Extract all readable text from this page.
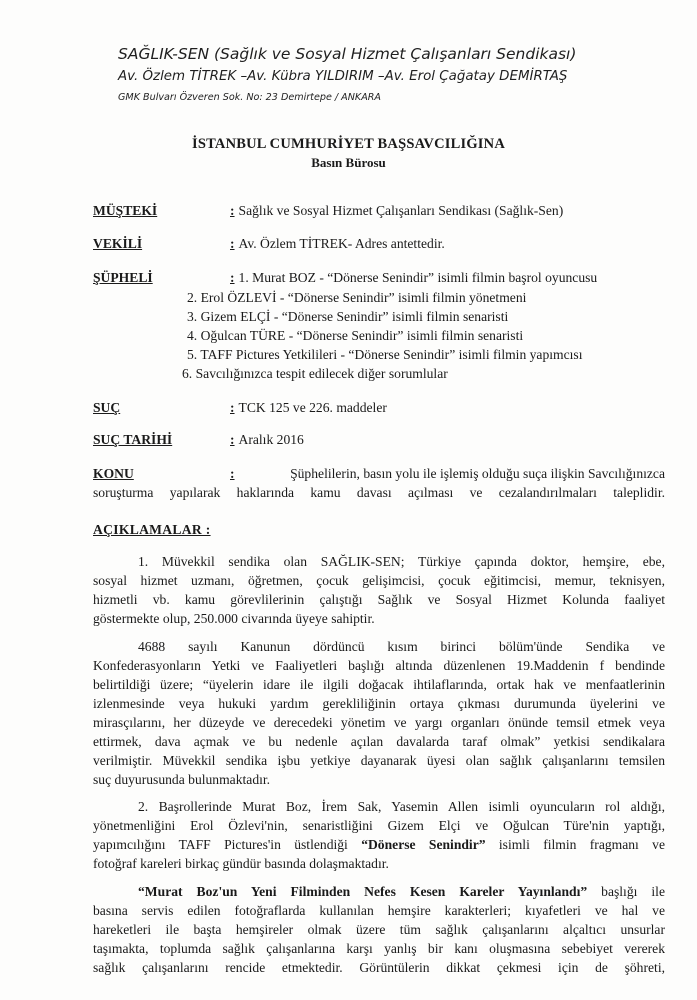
SAĞLIK-SEN (Sağlık ve Sosyal Hizmet Çalışanları Sendikası)
Av. Özlem TİTREK –Av. Kübra YILDIRIM –Av. Erol Çağatay DEMİRTAŞ
GMK Bulvarı Özveren Sok. No: 23 Demirtepe / ANKARA
İSTANBUL CUMHURİYET BAŞSAVCILIĞINA
Basın Bürosu
MÜŞTEKİ	: Sağlık ve Sosyal Hizmet Çalışanları Sendikası (Sağlık-Sen)
VEKİLİ	: Av. Özlem TİTREK- Adres antettedir.
ŞÜPHELİ	: 1. Murat BOZ - “Dönerse Senindir” isimli filmin başrol oyuncusu
2. Erol ÖZLEVİ - “Dönerse Senindir” isimli filmin yönetmeni
3. Gizem ELÇİ - “Dönerse Senindir” isimli filmin senaristi
4. Oğulcan TÜRE - “Dönerse Senindir” isimli filmin senaristi
5. TAFF Pictures Yetkilileri - “Dönerse Senindir” isimli filmin yapımcısı
6. Savcılığınızca tespit edilecek diğer sorumlular
SUÇ	: TCK 125 ve 226. maddeler
SUÇ TARİHİ	: Aralık 2016
KONU	:	Şüphelilerin, basın yolu ile işlemiş olduğu suça ilişkin Savcılığınızca
soruşturma yapılarak haklarında kamu davası açılması ve cezalandırılmaları taleplidir.
AÇIKLAMALAR :
1. Müvekkil sendika olan SAĞLIK-SEN; Türkiye çapında doktor, hemşire, ebe,
sosyal hizmet uzmanı, öğretmen, çocuk gelişimcisi, çocuk eğitimcisi, memur, teknisyen,
hizmetli vb. kamu görevlilerinin çalıştığı Sağlık ve Sosyal Hizmet Kolunda faaliyet
göstermekte olup, 250.000 civarında üyeye sahiptir.
4688 sayılı Kanunun dördüncü kısım birinci bölüm'ünde Sendika ve
Konfederasyonların Yetki ve Faaliyetleri başlığı altında düzenlenen 19.Maddenin f bendinde
belirtildiği üzere; “üyelerin idare ile ilgili doğacak ihtilaflarında, ortak hak ve menfaatlerinin
izlenmesinde veya hukuki yardım gerekliliğinin ortaya çıkması durumunda üyelerini ve
mirasçılarını, her düzeyde ve derecedeki yönetim ve yargı organları önünde temsil etmek veya
ettirmek, dava açmak ve bu nedenle açılan davalarda taraf olmak” yetkisi sendikalara
verilmiştir. Müvekkil sendika işbu yetkiye dayanarak üyesi olan sağlık çalışanlarını temsilen
suç duyurusunda bulunmaktadır.
2. Başrollerinde Murat Boz, İrem Sak, Yasemin Allen isimli oyuncuların rol aldığı,
yönetmenliğini Erol Özlevi'nin, senaristliğini Gizem Elçi ve Oğulcan Türe'nin yaptığı,
yapımcılığını TAFF Pictures'in üstlendiği “Dönerse Senindir” isimli filmin fragmanı ve
fotoğraf kareleri birkaç gündür basında dolaşmaktadır.
“Murat Boz'un Yeni Filminden Nefes Kesen Kareler Yayınlandı” başlığı ile
basına servis edilen fotoğraflarda kullanılan hemşire karakterleri; kıyafetleri ve hal ve
hareketleri ile başta hemşireler olmak üzere tüm sağlık çalışanlarını alçaltıcı unsurlar
taşımakta, toplumda sağlık çalışanlarına karşı yanlış bir kanı oluşmasına sebebiyet vererek
sağlık çalışanlarını rencide etmektedir. Görüntülerin dikkat çekmesi için de şöhreti,
